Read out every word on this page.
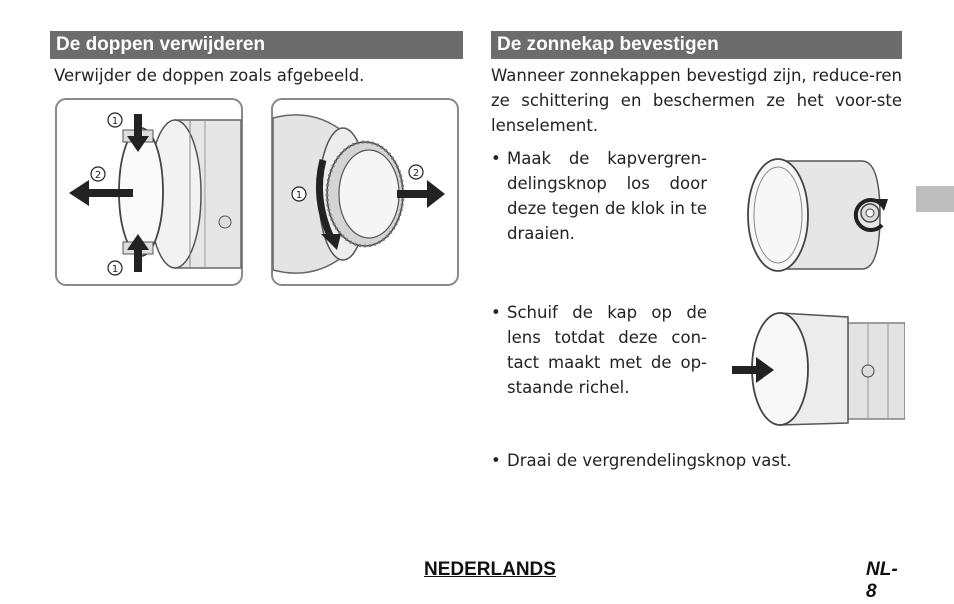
De doppen verwijderen
Verwijder de doppen zoals afgebeeld.
1
2
1
1
2
De zonnekap bevestigen
Wanneer zonnekappen bevestigd zijn, reduce-ren ze schittering en beschermen ze het voor-ste lenselement.
• Maak de kapvergren-delingsknop los door deze tegen de klok in te draaien.
• Schuif de kap op de lens totdat deze con-tact maakt met de op-staande richel.
• Draai de vergrendelingsknop vast.
NEDERLANDS	NL-8
